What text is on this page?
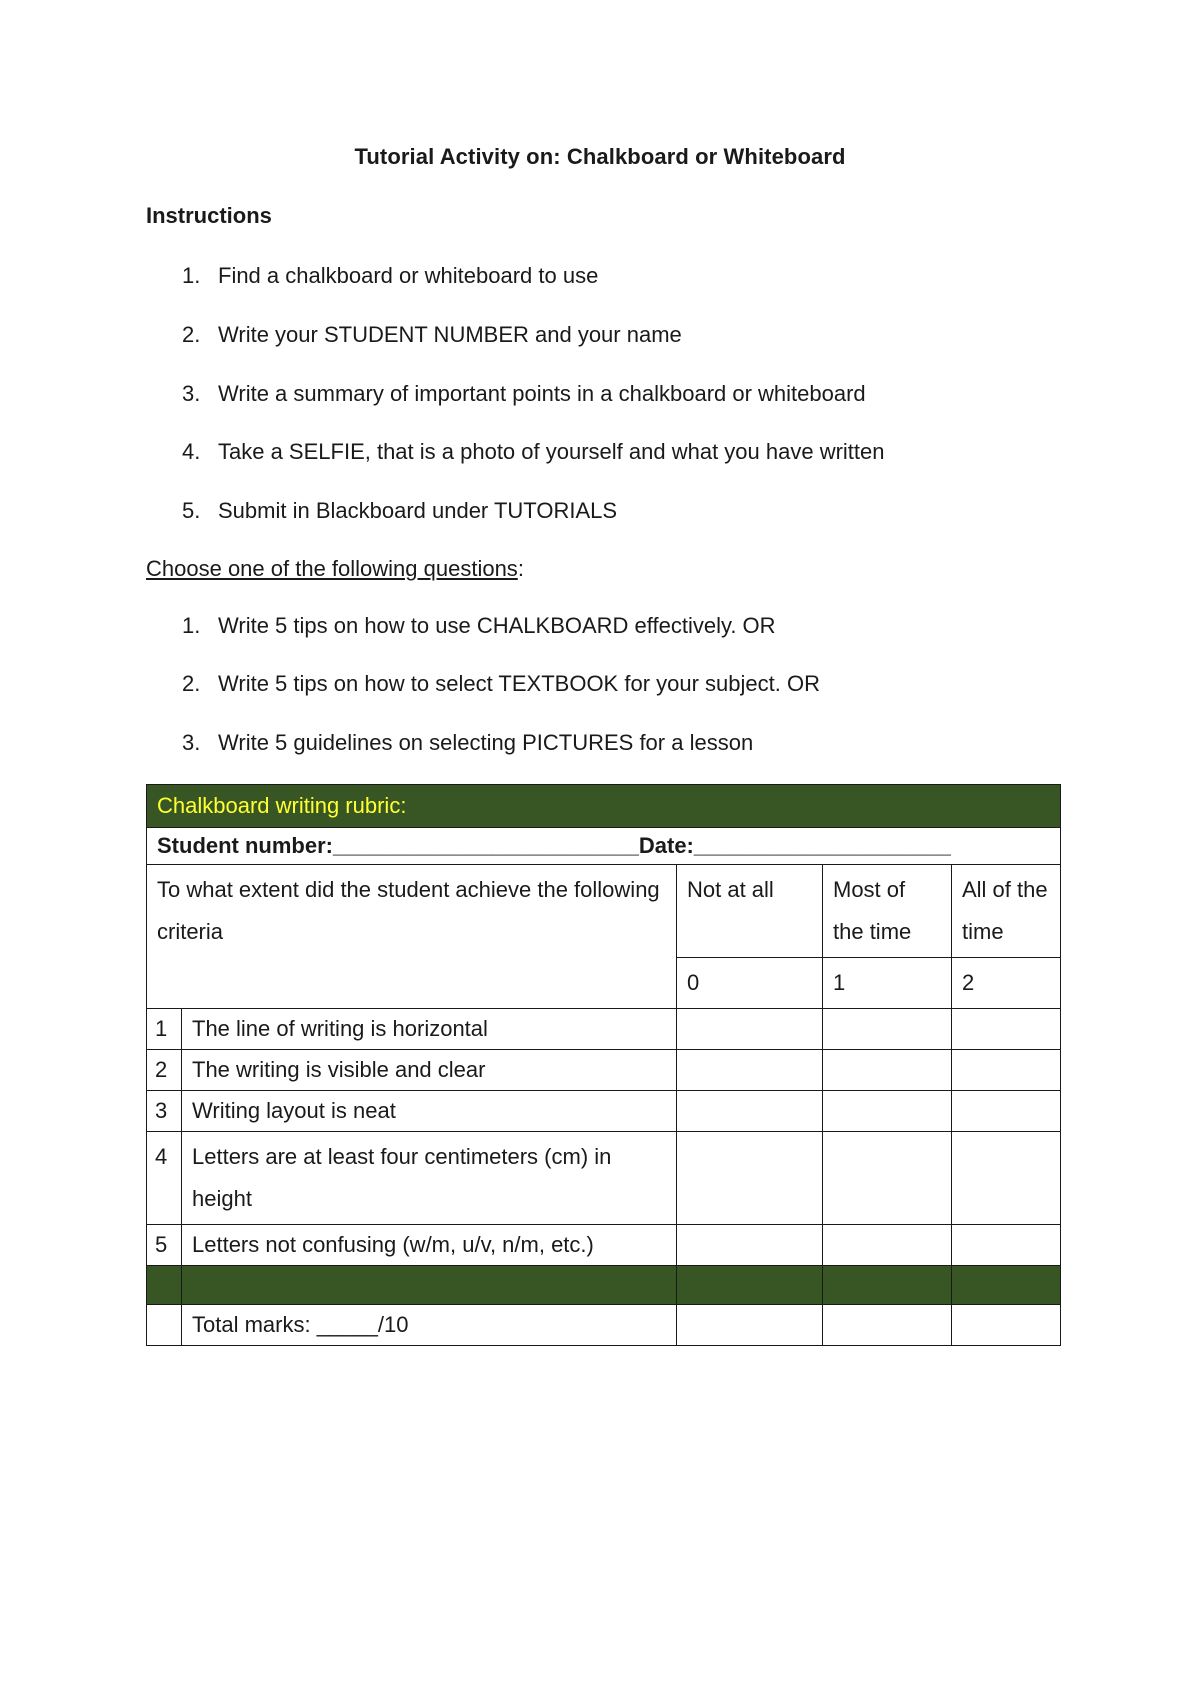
Tutorial Activity on: Chalkboard or Whiteboard
Instructions
1. Find a chalkboard or whiteboard to use
2. Write your STUDENT NUMBER and your name
3. Write a summary of important points in a chalkboard or whiteboard
4. Take a SELFIE, that is a photo of yourself and what you have written
5. Submit in Blackboard under TUTORIALS
Choose one of the following questions:
1. Write 5 tips on how to use CHALKBOARD effectively. OR
2. Write 5 tips on how to select TEXTBOOK for your subject. OR
3. Write 5 guidelines on selecting PICTURES for a lesson
Chalkboard writing rubric:				
Student number:_________________________Date:_____________________				
To what extent did the student achieve the following criteria		Not at all	Most of the time	All of the time
		0	1	2
1	The line of writing is horizontal			
2	The writing is visible and clear			
3	Writing layout is neat			
4	Letters are at least four centimeters (cm) in height			
5	Letters not confusing (w/m, u/v, n/m, etc.)			

	Total marks: _____/10			
